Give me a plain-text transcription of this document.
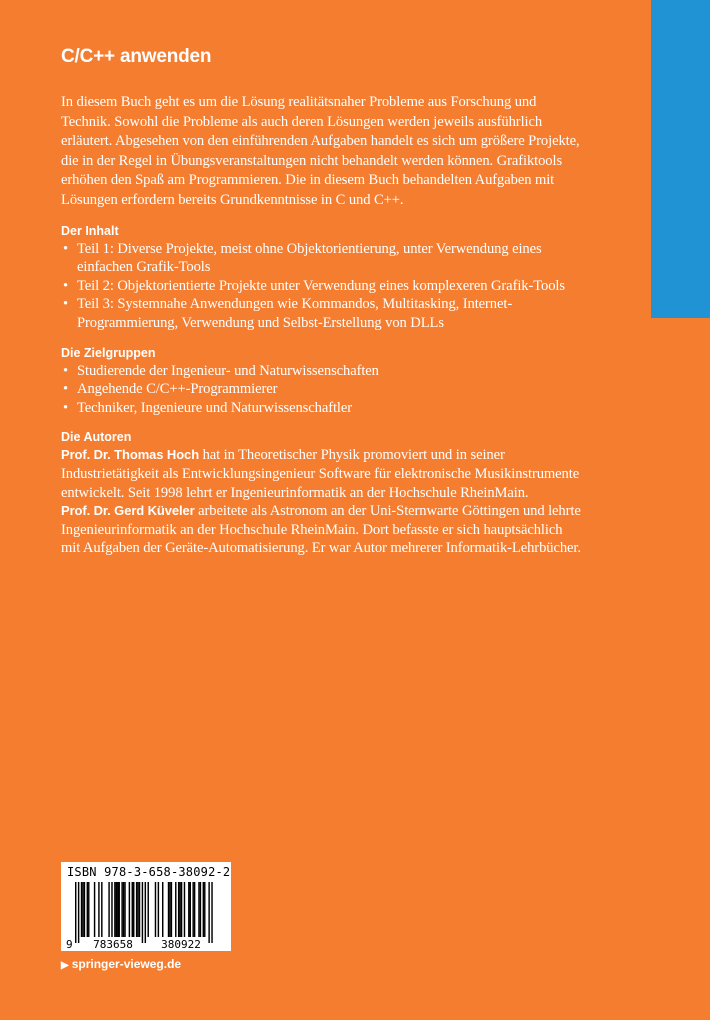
C/C++ anwenden

In diesem Buch geht es um die Lösung realitätsnaher Probleme aus Forschung und Technik. Sowohl die Probleme als auch deren Lösungen werden jeweils ausführlich erläutert. Abgesehen von den einführenden Aufgaben handelt es sich um größere Projekte, die in der Regel in Übungsveranstaltungen nicht behandelt werden können. Grafiktools erhöhen den Spaß am Programmieren. Die in diesem Buch behandelten Aufgaben mit Lösungen erfordern bereits Grundkenntnisse in C und C++.

Der Inhalt
• Teil 1: Diverse Projekte, meist ohne Objektorientierung, unter Verwendung eines einfachen Grafik-Tools
• Teil 2: Objektorientierte Projekte unter Verwendung eines komplexeren Grafik-Tools
• Teil 3: Systemnahe Anwendungen wie Kommandos, Multitasking, Internet-Programmierung, Verwendung und Selbst-Erstellung von DLLs
Die Zielgruppen
• Studierende der Ingenieur- und Naturwissenschaften
• Angehende C/C++-Programmierer
• Techniker, Ingenieure und Naturwissenschaftler
Die Autoren

Prof. Dr. Thomas Hoch hat in Theoretischer Physik promoviert und in seiner Industrietätigkeit als Entwicklungsingenieur Software für elektronische Musikinstrumente entwickelt. Seit 1998 lehrt er Ingenieurinformatik an der Hochschule RheinMain.

Prof. Dr. Gerd Küveler arbeitete als Astronom an der Uni-Sternwarte Göttingen und lehrte Ingenieurinformatik an der Hochschule RheinMain. Dort befasste er sich hauptsächlich mit Aufgaben der Geräte-Automatisierung. Er war Autor mehrerer Informatik-Lehrbücher.

ISBN 978-3-658-38092-2
9 783658	380922
▶ springer-vieweg.de
